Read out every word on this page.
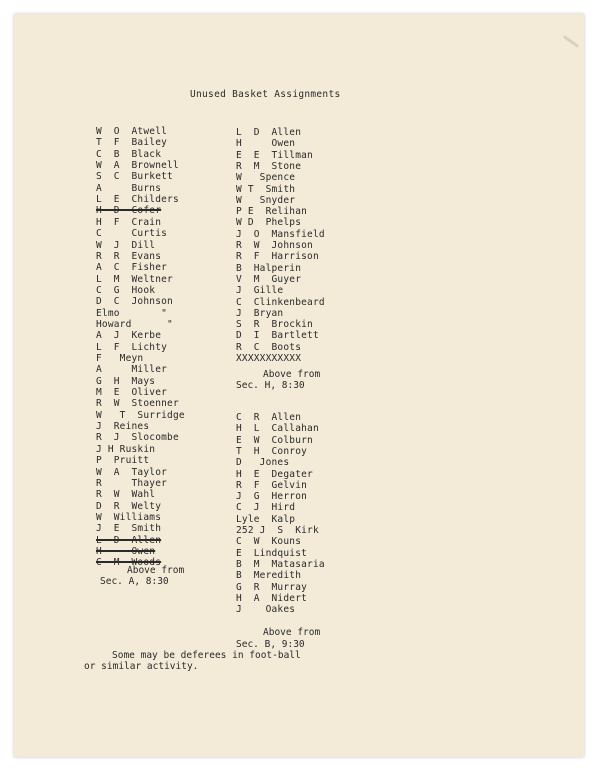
Unused Basket Assignments
W  O  Atwell
T  F  Bailey
C  B  Black
W  A  Brownell
S  C  Burkett
A     Burns
L  E  Childers
H  D  Cofer
H  F  Crain
C     Curtis
W  J  Dill
R  R  Evans
A  C  Fisher
L  M  Weltner
C  G  Hook
D  C  Johnson
Elmo       "
Howard      "
A  J  Kerbe
L  F  Lichty
F   Meyn
A     Miller
G  H  Mays
M  E  Oliver
R  W  Stoenner
W   T  Surridge
J  Reines
R  J  Slocombe
J H Ruskin
P  Pruitt
W  A  Taylor
R     Thayer
R  W  Wahl
D  R  Welty
W  Williams
J  E  Smith
L  D  Allen
H     Owen
C  M  Woods
Above from
Sec. A, 8:30
L  D  Allen
H     Owen
E  E  Tillman
R  M  Stone
W   Spence
W T  Smith
W   Snyder
P E  Relihan
W D  Phelps
J  O  Mansfield
R  W  Johnson
R  F  Harrison
B  Halperin
V  M  Guyer
J  Gille
C  Clinkenbeard
J  Bryan
S  R  Brockin
D  I  Bartlett
R  C  Boots
XXXXXXXXXXX
Above from
Sec. H, 8:30
C  R  Allen
H  L  Callahan
E  W  Colburn
T  H  Conroy
D   Jones
H  E  Degater
R  F  Gelvin
J  G  Herron
C  J  Hird
Lyle  Kalp
252 J  S  Kirk
C  W  Kouns
E  Lindquist
B  M  Matasaria
B  Meredith
G  R  Murray
H  A  Nidert
J    Oakes
Above from
Sec. B, 9:30
Some may be deferees in foot-ball
or similar activity.
